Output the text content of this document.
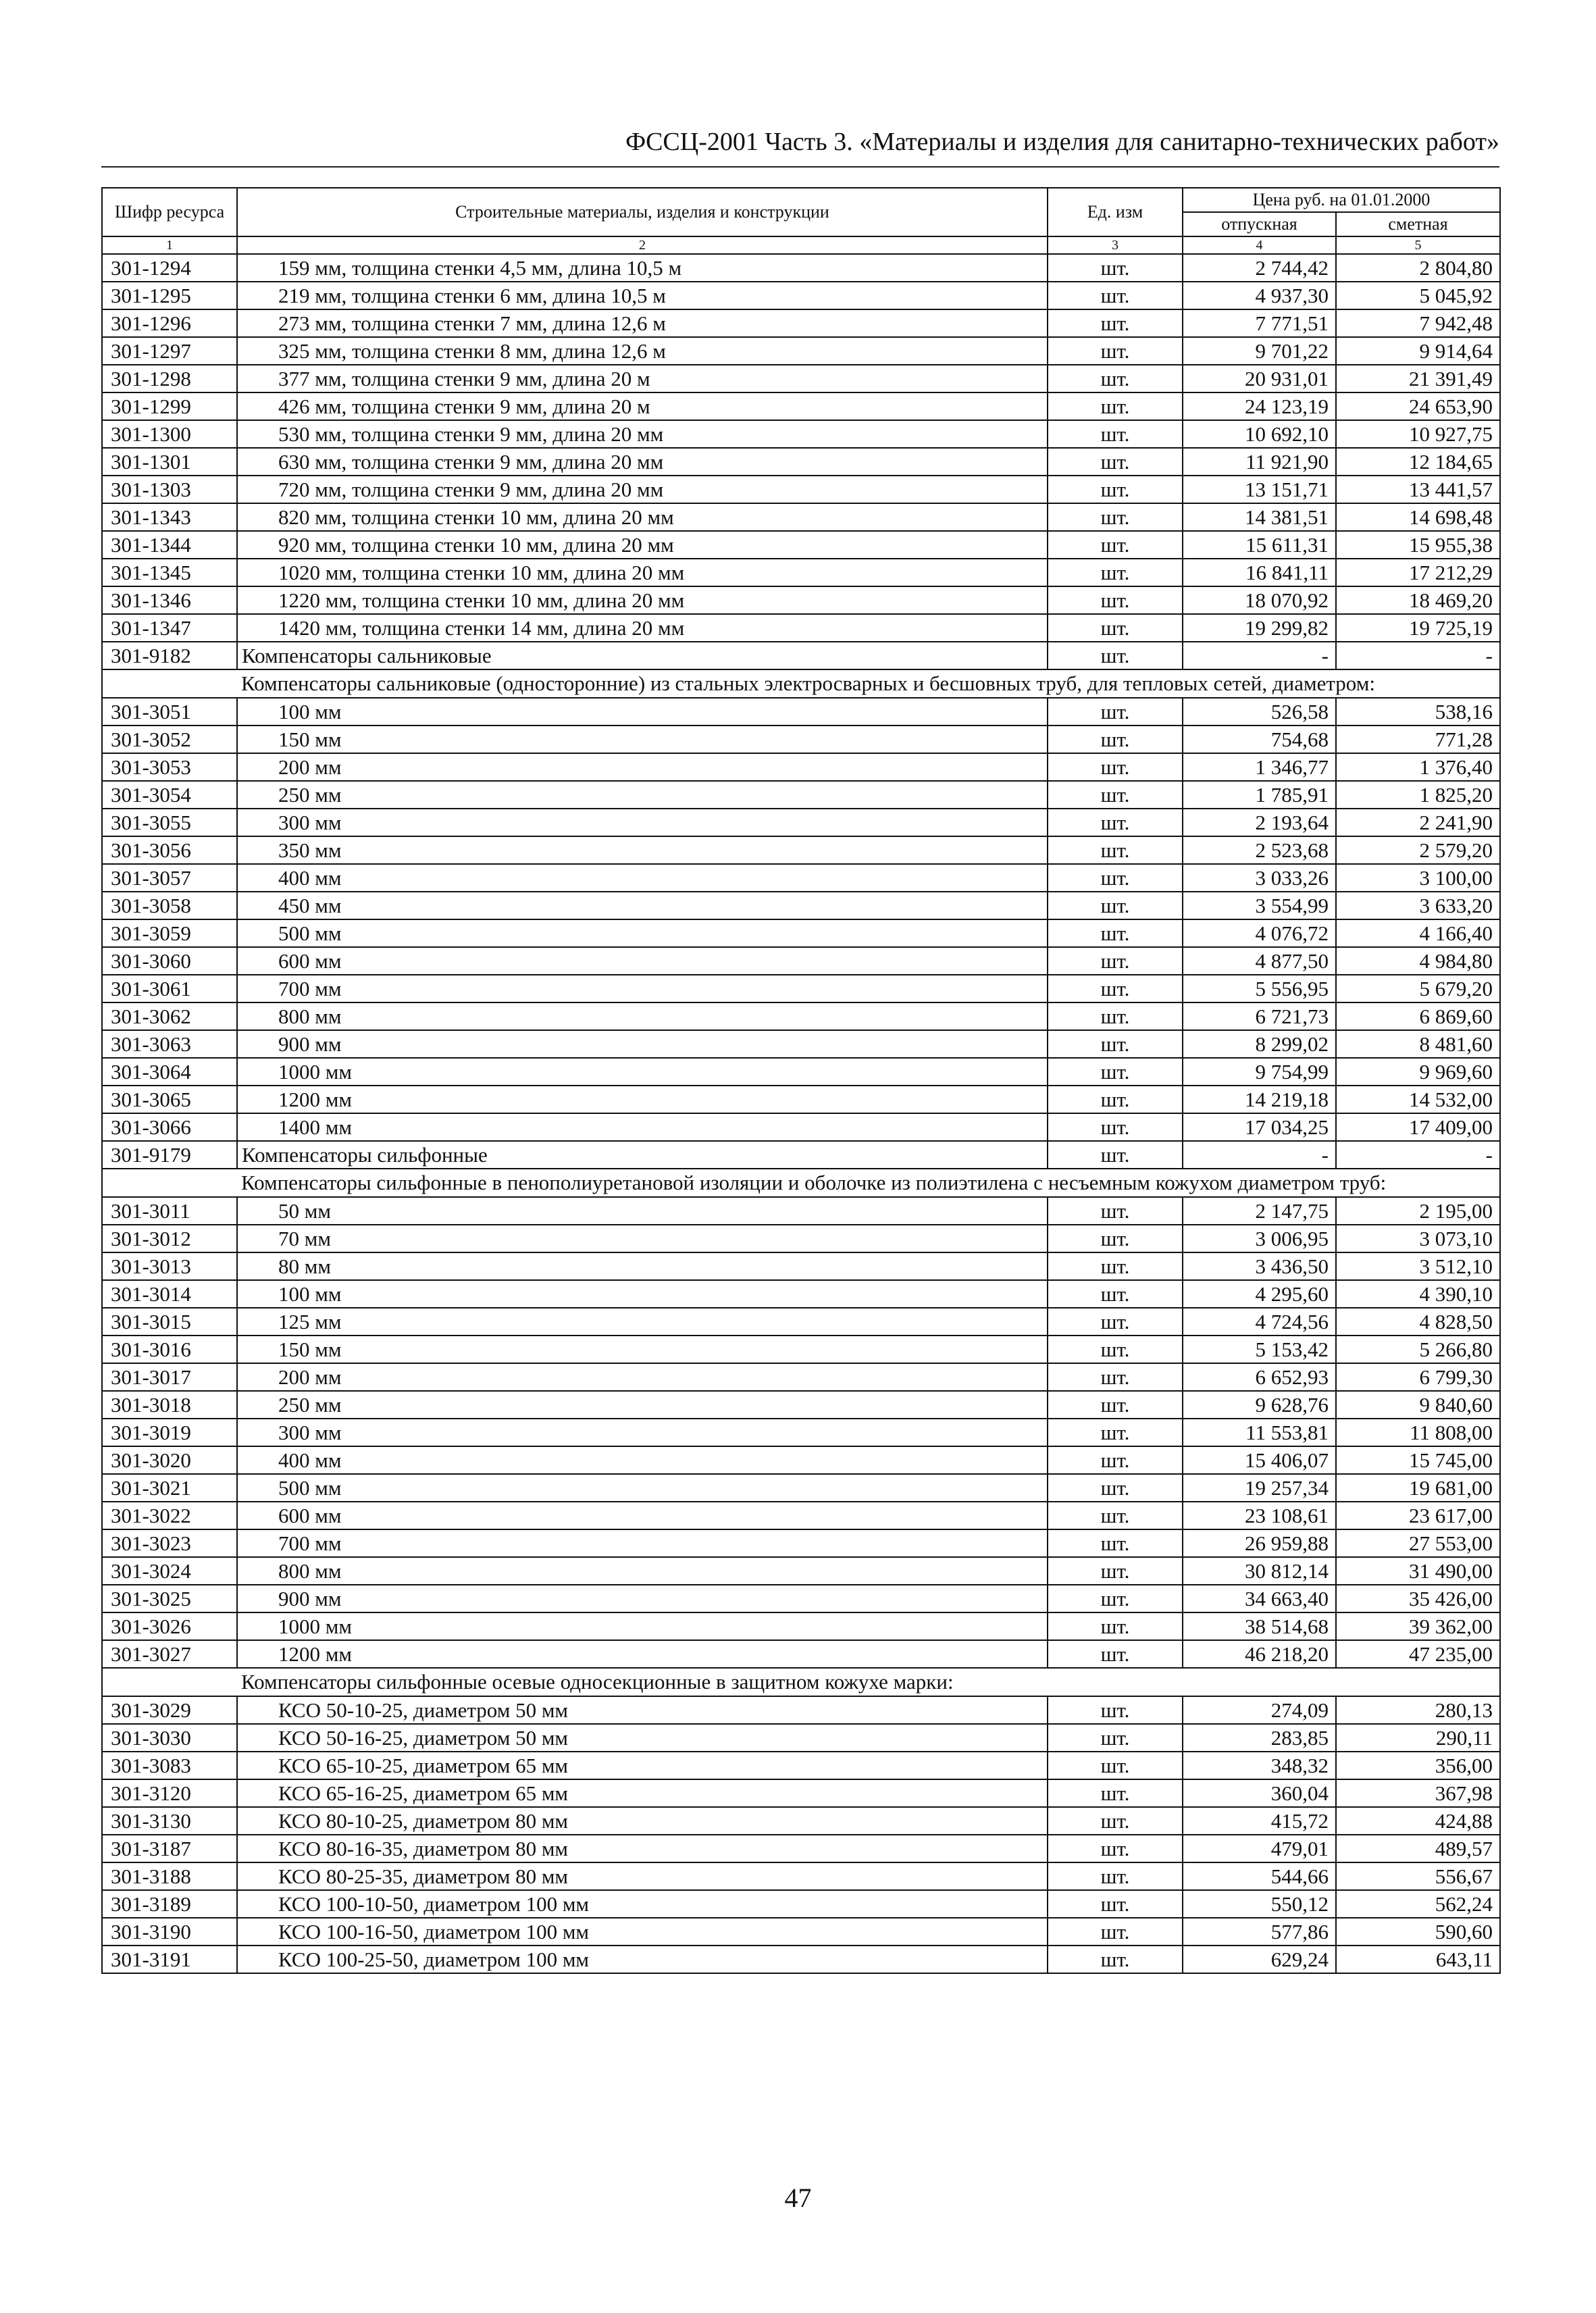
ФССЦ-2001 Часть 3. «Материалы и изделия для санитарно-технических работ»
Шифр ресурса	Строительные материалы, изделия и конструкции	Ед. изм	Цена руб. на 01.01.2000	
			отпускная	сметная
1	2	3	4	5
301-1294	159 мм, толщина стенки 4,5 мм, длина 10,5 м	шт.	2 744,42	2 804,80
301-1295	219 мм, толщина стенки 6 мм, длина 10,5 м	шт.	4 937,30	5 045,92
301-1296	273 мм, толщина стенки 7 мм, длина 12,6 м	шт.	7 771,51	7 942,48
301-1297	325 мм, толщина стенки 8 мм, длина 12,6 м	шт.	9 701,22	9 914,64
301-1298	377 мм, толщина стенки 9 мм, длина 20 м	шт.	20 931,01	21 391,49
301-1299	426 мм, толщина стенки 9 мм, длина 20 м	шт.	24 123,19	24 653,90
301-1300	530 мм, толщина стенки 9 мм, длина 20 мм	шт.	10 692,10	10 927,75
301-1301	630 мм, толщина стенки 9 мм, длина 20 мм	шт.	11 921,90	12 184,65
301-1303	720 мм, толщина стенки 9 мм, длина 20 мм	шт.	13 151,71	13 441,57
301-1343	820 мм, толщина стенки 10 мм, длина 20 мм	шт.	14 381,51	14 698,48
301-1344	920 мм, толщина стенки 10 мм, длина 20 мм	шт.	15 611,31	15 955,38
301-1345	1020 мм, толщина стенки 10 мм, длина 20 мм	шт.	16 841,11	17 212,29
301-1346	1220 мм, толщина стенки 10 мм, длина 20 мм	шт.	18 070,92	18 469,20
301-1347	1420 мм, толщина стенки 14 мм, длина 20 мм	шт.	19 299,82	19 725,19
301-9182	Компенсаторы сальниковые	шт.	-	-
	Компенсаторы сальниковые (односторонние) из стальных электросварных и бесшовных труб, для тепловых сетей, диаметром:			
301-3051	100 мм	шт.	526,58	538,16
301-3052	150 мм	шт.	754,68	771,28
301-3053	200 мм	шт.	1 346,77	1 376,40
301-3054	250 мм	шт.	1 785,91	1 825,20
301-3055	300 мм	шт.	2 193,64	2 241,90
301-3056	350 мм	шт.	2 523,68	2 579,20
301-3057	400 мм	шт.	3 033,26	3 100,00
301-3058	450 мм	шт.	3 554,99	3 633,20
301-3059	500 мм	шт.	4 076,72	4 166,40
301-3060	600 мм	шт.	4 877,50	4 984,80
301-3061	700 мм	шт.	5 556,95	5 679,20
301-3062	800 мм	шт.	6 721,73	6 869,60
301-3063	900 мм	шт.	8 299,02	8 481,60
301-3064	1000 мм	шт.	9 754,99	9 969,60
301-3065	1200 мм	шт.	14 219,18	14 532,00
301-3066	1400 мм	шт.	17 034,25	17 409,00
301-9179	Компенсаторы сильфонные	шт.	-	-
	Компенсаторы сильфонные в пенополиуретановой изоляции и оболочке из полиэтилена с несъемным кожухом диаметром труб:			
301-3011	50 мм	шт.	2 147,75	2 195,00
301-3012	70 мм	шт.	3 006,95	3 073,10
301-3013	80 мм	шт.	3 436,50	3 512,10
301-3014	100 мм	шт.	4 295,60	4 390,10
301-3015	125 мм	шт.	4 724,56	4 828,50
301-3016	150 мм	шт.	5 153,42	5 266,80
301-3017	200 мм	шт.	6 652,93	6 799,30
301-3018	250 мм	шт.	9 628,76	9 840,60
301-3019	300 мм	шт.	11 553,81	11 808,00
301-3020	400 мм	шт.	15 406,07	15 745,00
301-3021	500 мм	шт.	19 257,34	19 681,00
301-3022	600 мм	шт.	23 108,61	23 617,00
301-3023	700 мм	шт.	26 959,88	27 553,00
301-3024	800 мм	шт.	30 812,14	31 490,00
301-3025	900 мм	шт.	34 663,40	35 426,00
301-3026	1000 мм	шт.	38 514,68	39 362,00
301-3027	1200 мм	шт.	46 218,20	47 235,00
	Компенсаторы сильфонные осевые односекционные в защитном кожухе марки:			
301-3029	КСО 50-10-25, диаметром 50 мм	шт.	274,09	280,13
301-3030	КСО 50-16-25, диаметром 50 мм	шт.	283,85	290,11
301-3083	КСО 65-10-25, диаметром 65 мм	шт.	348,32	356,00
301-3120	КСО 65-16-25, диаметром 65 мм	шт.	360,04	367,98
301-3130	КСО 80-10-25, диаметром 80 мм	шт.	415,72	424,88
301-3187	КСО 80-16-35, диаметром 80 мм	шт.	479,01	489,57
301-3188	КСО 80-25-35, диаметром 80 мм	шт.	544,66	556,67
301-3189	КСО 100-10-50, диаметром 100 мм	шт.	550,12	562,24
301-3190	КСО 100-16-50, диаметром 100 мм	шт.	577,86	590,60
301-3191	КСО 100-25-50, диаметром 100 мм	шт.	629,24	643,11
47
